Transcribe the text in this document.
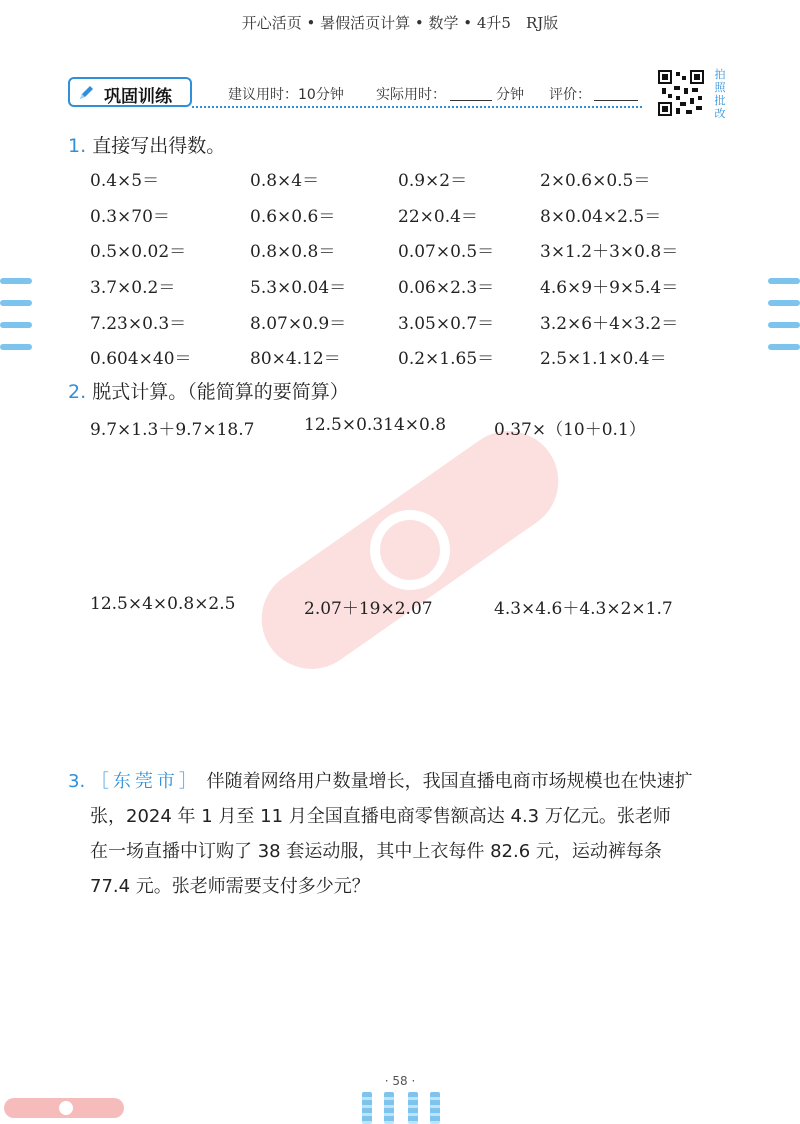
开心活页 • 暑假活页计算 • 数学 • 4升5　RJ版
巩固训练	建议用时：10分钟 实际用时：	分钟 评价：
拍
照
批
改
1. 直接写出得数。
0.4×5＝	0.8×4＝	0.9×2＝	2×0.6×0.5＝
0.3×70＝	0.6×0.6＝	22×0.4＝	8×0.04×2.5＝
0.5×0.02＝	0.8×0.8＝	0.07×0.5＝	3×1.2＋3×0.8＝
3.7×0.2＝	5.3×0.04＝	0.06×2.3＝	4.6×9＋9×5.4＝
7.23×0.3＝	8.07×0.9＝	3.05×0.7＝	3.2×6＋4×3.2＝
0.604×40＝	80×4.12＝	0.2×1.65＝	2.5×1.1×0.4＝
2. 脱式计算。（能简算的要简算）
9.7×1.3＋9.7×18.7	12.5×0.314×0.8	0.37×（10＋0.1）
12.5×4×0.8×2.5	2.07＋19×2.07	4.3×4.6＋4.3×2×1.7
3. ［东莞市］ 伴随着网络用户数量增长，我国直播电商市场规模也在快速扩
张，2024 年 1 月至 11 月全国直播电商零售额高达 4.3 万亿元。张老师
在一场直播中订购了 38 套运动服，其中上衣每件 82.6 元，运动裤每条
77.4 元。张老师需要支付多少元？
· 58 ·
